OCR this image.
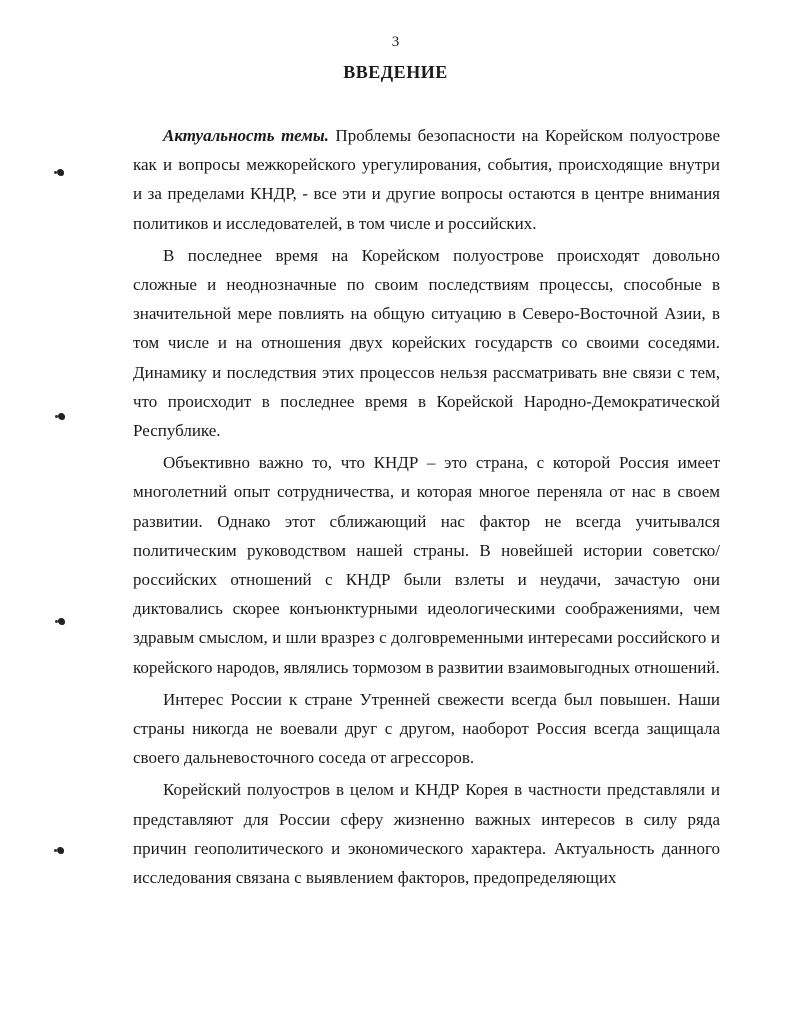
3
ВВЕДЕНИЕ

Актуальность темы. Проблемы безопасности на Корейском полуострове как и вопросы межкорейского урегулирования, события, происходящие внутри и за пределами КНДР, - все эти и другие вопросы остаются в центре внимания политиков и исследователей, в том числе и российских.

В последнее время на Корейском полуострове происходят довольно сложные и неоднозначные по своим последствиям процессы, способные в значительной мере повлиять на общую ситуацию в Северо-Восточной Азии, в том числе и на отношения двух корейских государств со своими соседями. Динамику и последствия этих процессов нельзя рассматривать вне связи с тем, что происходит в последнее время в Корейской Народно-Демократической Республике.

Объективно важно то, что КНДР – это страна, с которой Россия имеет многолетний опыт сотрудничества, и которая многое переняла от нас в своем развитии. Однако этот сближающий нас фактор не всегда учитывался политическим руководством нашей страны. В новейшей истории советско/российских отношений с КНДР были взлеты и неудачи, зачастую они диктовались скорее конъюнктурными идеологическими соображениями, чем здравым смыслом, и шли вразрез с долговременными интересами российского и корейского народов, являлись тормозом в развитии взаимовыгодных отношений.

Интерес России к стране Утренней свежести всегда был повышен. Наши страны никогда не воевали друг с другом, наоборот Россия всегда защищала своего дальневосточного соседа от агрессоров.

Корейский полуостров в целом и КНДР Корея в частности представляли и представляют для России сферу жизненно важных интересов в силу ряда причин геополитического и экономического характера. Актуальность данного исследования связана с выявлением факторов, предопределяющих
